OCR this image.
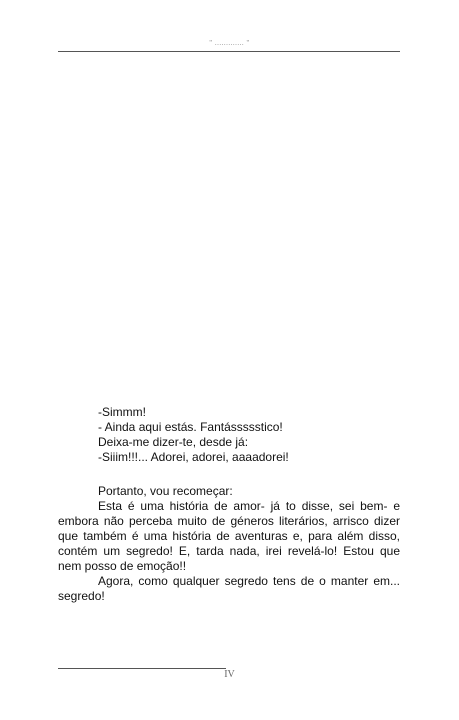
" ............. "

-Simmm!

- Ainda aqui estás. Fantássssstico!

Deixa-me dizer-te, desde já:

-Siiim!!!... Adorei, adorei, aaaadorei!

Portanto, vou recomeçar:

Esta é uma história de amor- já to disse, sei bem- e embora não perceba muito de géneros literários, arrisco dizer que também é uma história de aventuras e, para além disso, contém um segredo! E, tarda nada, irei revelá-lo! Estou que nem posso de emoção!!

Agora, como qualquer segredo tens de o manter em... segredo!

IV
